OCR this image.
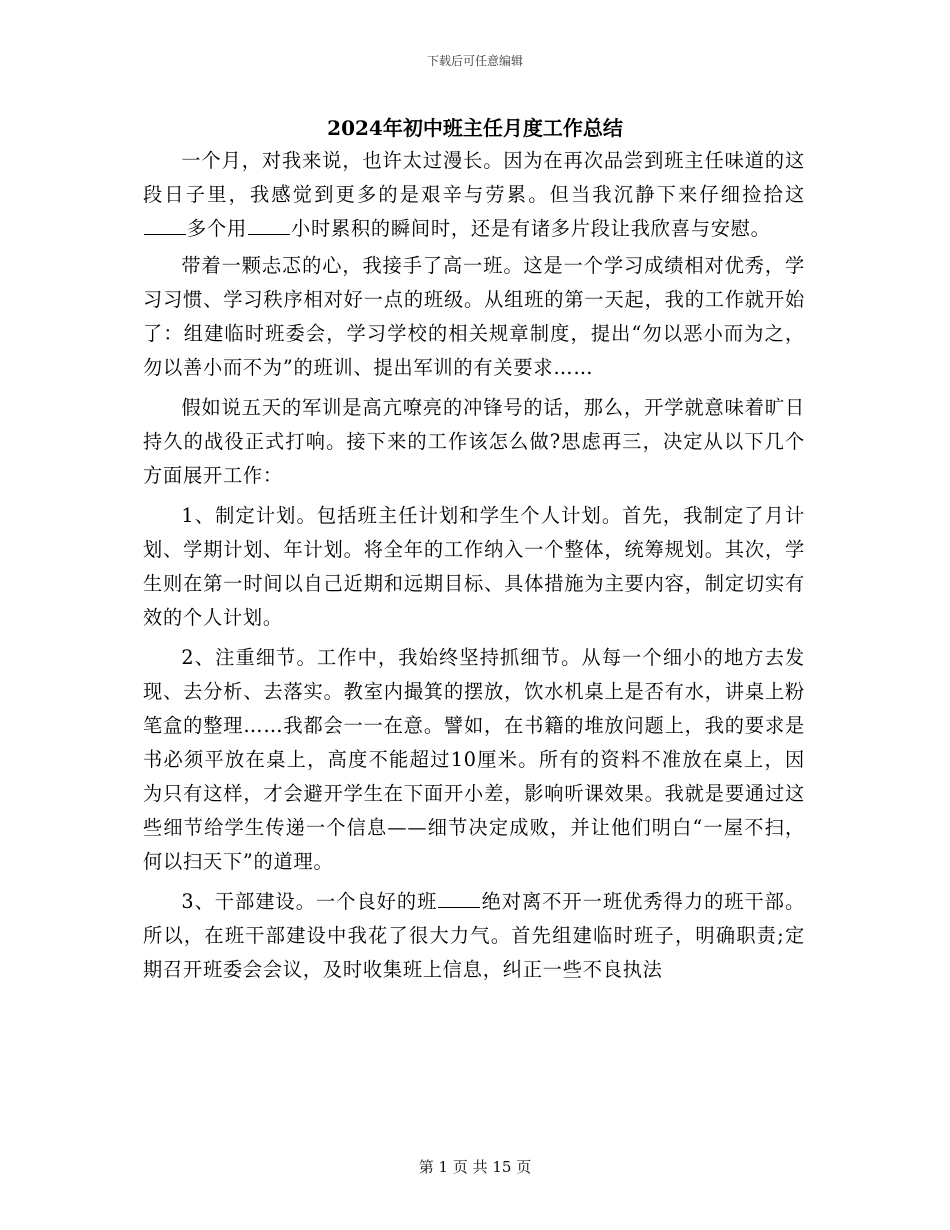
下载后可任意编辑
2024年初中班主任月度工作总结

一个月，对我来说，也许太过漫长。因为在再次品尝到班主任味道的这段日子里，我感觉到更多的是艰辛与劳累。但当我沉静下来仔细捡拾这多个用 小时累积的瞬间时，还是有诸多片段让我欣喜与安慰。

带着一颗忐忑的心，我接手了高一班。这是一个学习成绩相对优秀，学习习惯、学习秩序相对好一点的班级。从组班的第一天起，我的工作就开始了：组建临时班委会，学习学校的相关规章制度，提出“勿以恶小而为之，勿以善小而不为”的班训、提出军训的有关要求……

假如说五天的军训是高亢嘹亮的冲锋号的话，那么，开学就意味着旷日持久的战役正式打响。接下来的工作该怎么做?思虑再三，决定从以下几个方面展开工作：

1、制定计划。包括班主任计划和学生个人计划。首先，我制定了月计划、学期计划、年计划。将全年的工作纳入一个整体，统筹规划。其次，学生则在第一时间以自己近期和远期目标、具体措施为主要内容，制定切实有效的个人计划。

2、注重细节。工作中，我始终坚持抓细节。从每一个细小的地方去发现、去分析、去落实。教室内撮箕的摆放，饮水机桌上是否有水，讲桌上粉笔盒的整理……我都会一一在意。譬如，在书籍的堆放问题上，我的要求是书必须平放在桌上，高度不能超过10厘米。所有的资料不准放在桌上，因为只有这样，才会避开学生在下面开小差，影响听课效果。我就是要通过这些细节给学生传递一个信息——细节决定成败，并让他们明白“一屋不扫，何以扫天下”的道理。

3、干部建设。一个良好的班 绝对离不开一班优秀得力的班干部。所以，在班干部建设中我花了很大力气。首先组建临时班子，明确职责;定期召开班委会会议，及时收集班上信息，纠正一些不良执法

第 1 页 共 15 页
